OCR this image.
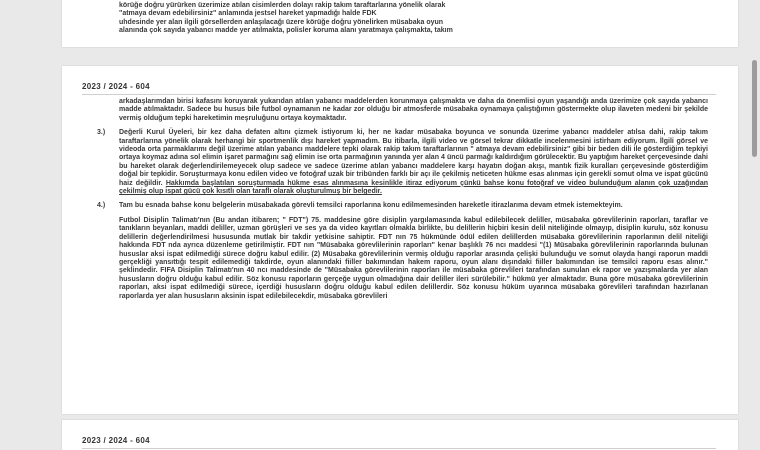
körüğe doğru yürürken üzerimize atılan cisimlerden dolayı rakip takım taraftarlarına yönelik olarak
"atmaya devam edebilirsiniz" anlamında jestsel hareket yapmadığı halde FDK
uhdesinde yer alan ilgili görsellerden anlaşılacağı üzere körüğe doğru yönelirken müsabaka oyun
alanında çok sayıda yabancı madde yer atılmakta, polisler koruma alanı yaratmaya çalışmakta, takım
2023 / 2024 - 604
arkadaşlarımdan birisi kafasını koruyarak yukarıdan atılan yabancı maddelerden korunmaya çalışmakta ve daha da önemlisi oyun yaşandığı anda üzerimize çok sayıda yabancı madde atılmaktadır. Sadece bu husus bile futbol oynamanın ne kadar zor olduğu bir atmosferde müsabaka oynamaya çalıştığımın göstermekte olup ilaveten medeni bir şekilde vermiş olduğum tepki hareketimin meşruluğunu ortaya koymaktadır.
3.)	Değerli Kurul Üyeleri, bir kez daha defaten altını çizmek istiyorum ki, her ne kadar müsabaka boyunca ve sonunda üzerime yabancı maddeler atılsa dahi, rakip takım taraftarlarına yönelik olarak herhangi bir sportmenlik dışı hareket yapmadım. Bu itibarla, ilgili video ve görsel tekrar dikkatle incelenmesini istirham ediyorum. İlgili görsel ve videoda orta parmaklarımı değil üzerime atılan yabancı maddelere tepki olarak rakip takım taraftarlarının " atmaya devam edebilirsiniz" gibi bir beden dili ile gösterdiğim tepkiyi ortaya koymaz adına sol elimin işaret parmağını sağ elimin ise orta parmağının yanında yer alan 4 üncü parmağı kaldırdığım görülecektir. Bu yaptığım hareket çerçevesinde dahi bu hareket olarak değerlendirilemeyecek olup sadece ve sadece üzerime atılan yabancı maddelere karşı hayatın doğan akışı, mantık fizik kuralları çerçevesinde gösterdiğim doğal bir tepkidir. Soruşturmaya konu edilen video ve fotoğraf uzak bir tribünden farklı bir açı ile çekilmiş neticeten hükme esas alınmas için gerekli somut olma ve ispat gücünü haiz değildir. Hakkımda başlatılan soruşturmada hükme esas alınmasına kesinlikle itiraz ediyorum çünkü bahse konu fotoğraf ve video bulunduğum alanın çok uzağından çekilmiş olup ispat gücü çok kısıtlı olan taraflı olarak oluşturulmuş bir belgedir.
4.)	Tam bu esnada bahse konu belgelerin müsabakada görevli temsilci raporlarına konu edilmemesinden hareketle itirazlarıma devam etmek istemekteyim.
Futbol Disiplin Talimatı'nın (Bu andan itibaren; " FDT") 75. maddesine göre disiplin yargılamasında kabul edilebilecek deliller, müsabaka görevlilerinin raporları, taraflar ve tanıkların beyanları, maddi deliller, uzman görüşleri ve ses ya da video kayıtları olmakla birlikte, bu delillerin hiçbiri kesin delil niteliğinde olmayıp, disiplin kurulu, söz konusu delillerin değerlendirilmesi hususunda mutlak bir takdir yetkisine sahiptir. FDT nın 75 hükmünde ödül edilen delillerden müsabaka görevlilerinin raporlarının delil niteliği hakkında FDT nda ayrıca düzenleme getirilmiştir. FDT nın "Müsabaka görevlilerinin raporları" kenar başlıklı 76 ncı maddesi "(1) Müsabaka görevlilerinin raporlarında bulunan hususlar aksi ispat edilmediği sürece doğru kabul edilir. (2) Müsabaka görevlilerinin vermiş olduğu raporlar arasında çelişki bulunduğu ve somut olayda hangi raporun maddi gerçekliği yansıttığı tespit edilemediği takdirde, oyun alanındaki fiiller bakımından hakem raporu, oyun alanı dışındaki fiiller bakımından ise temsilci raporu esas alınır." şeklindedir. FIFA Disiplin Talimatı'nın 40 ncı maddesinde de "Müsabaka görevlilerinin raporları ile müsabaka görevlileri tarafından sunulan ek rapor ve yazışmalarda yer alan hususların doğru olduğu kabul edilir. Söz konusu raporların gerçeğe uygun olmadığına dair deliller ileri sürülebilir." hükmü yer almaktadır. Buna göre müsabaka görevlilerinin raporları, aksi ispat edilmediği sürece, içerdiği hususların doğru olduğu kabul edilen delillerdir. Söz konusu hüküm uyarınca müsabaka görevlileri tarafından hazırlanan raporlarda yer alan hususların aksinin ispat edilebilecekdir, müsabaka görevlileri
2023 / 2024 - 604
